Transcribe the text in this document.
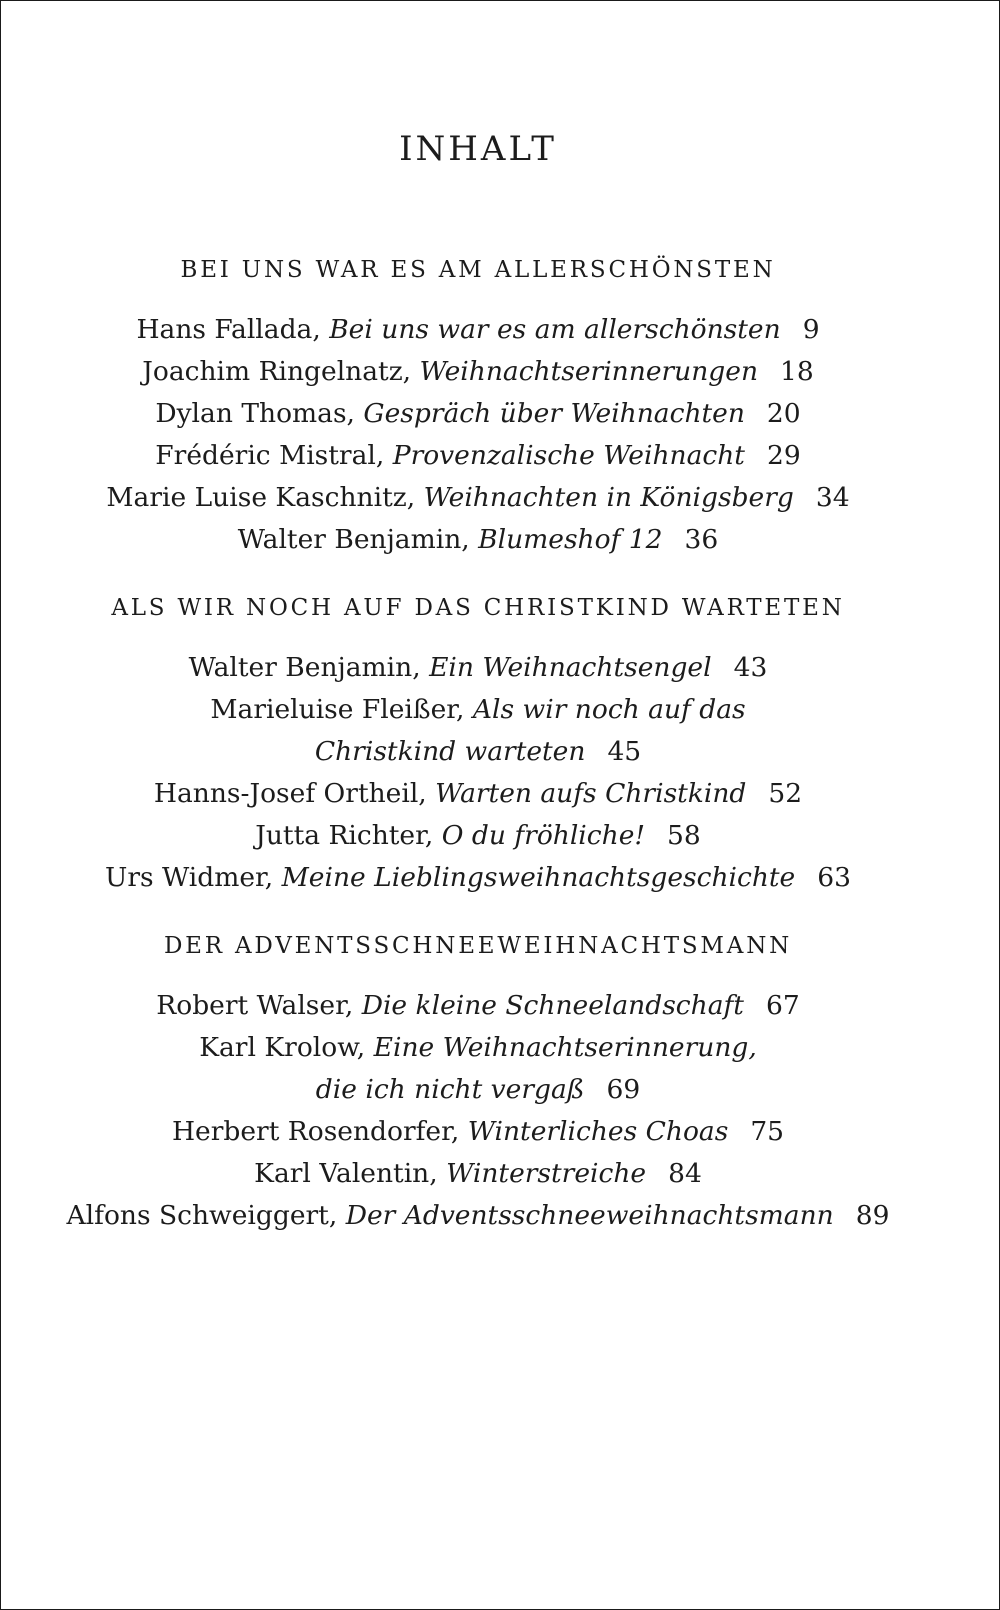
INHALT
BEI UNS WAR ES AM ALLERSCHÖNSTEN
Hans Fallada, Bei uns war es am allerschönsten 9
Joachim Ringelnatz, Weihnachtserinnerungen 18
Dylan Thomas, Gespräch über Weihnachten 20
Frédéric Mistral, Provenzalische Weihnacht 29
Marie Luise Kaschnitz, Weihnachten in Königsberg 34
Walter Benjamin, Blumeshof 12 36
ALS WIR NOCH AUF DAS CHRISTKIND WARTETEN
Walter Benjamin, Ein Weihnachtsengel 43
Marieluise Fleißer, Als wir noch auf das
Christkind warteten 45
Hanns-Josef Ortheil, Warten aufs Christkind 52
Jutta Richter, O du fröhliche! 58
Urs Widmer, Meine Lieblingsweihnachtsgeschichte 63
DER ADVENTSSCHNEEWEIHNACHTSMANN
Robert Walser, Die kleine Schneelandschaft 67
Karl Krolow, Eine Weihnachtserinnerung,
die ich nicht vergaß 69
Herbert Rosendorfer, Winterliches Choas 75
Karl Valentin, Winterstreiche 84
Alfons Schweiggert, Der Adventsschneeweihnachtsmann 89
